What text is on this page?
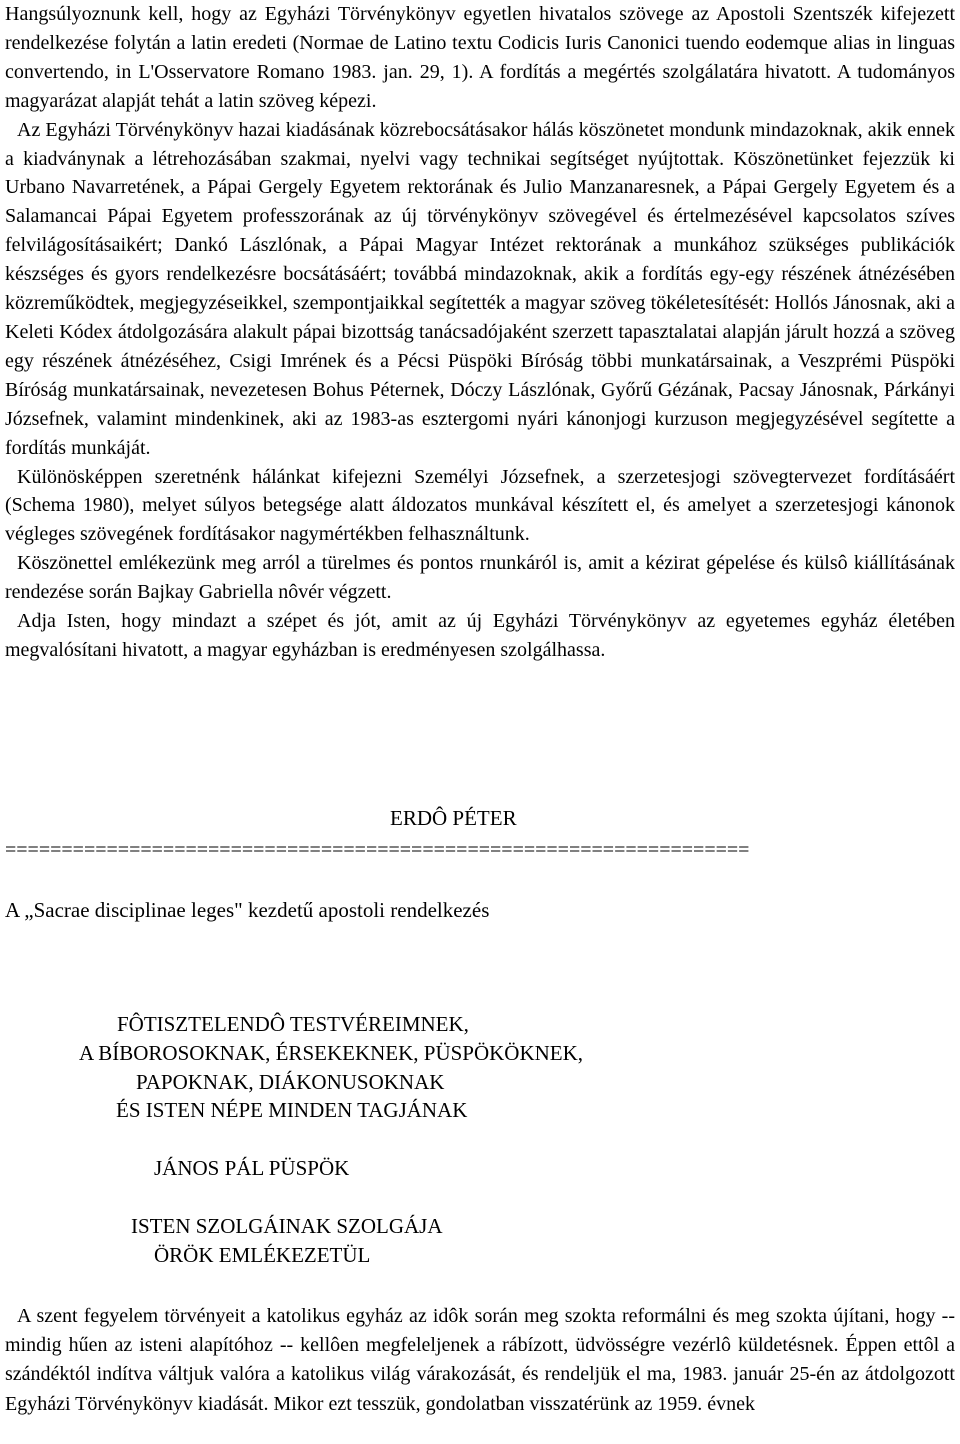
Hangsúlyoznunk kell, hogy az Egyházi Törvénykönyv egyetlen hivatalos szövege az Apostoli Szentszék kifejezett rendelkezése folytán a latin eredeti (Normae de Latino textu Codicis Iuris Canonici tuendo eodemque alias in linguas convertendo, in L'Osservatore Romano 1983. jan. 29, 1). A fordítás a megértés szolgálatára hivatott. A tudományos magyarázat alapját tehát a latin szöveg képezi.

Az Egyházi Törvénykönyv hazai kiadásának közrebocsátásakor hálás köszönetet mondunk mindazoknak, akik ennek a kiadványnak a létrehozásában szakmai, nyelvi vagy technikai segítséget nyújtottak. Köszönetünket fejezzük ki Urbano Navarretének, a Pápai Gergely Egyetem rektorának és Julio Manzanaresnek, a Pápai Gergely Egyetem és a Salamancai Pápai Egyetem professzorának az új törvénykönyv szövegével és értelmezésével kapcsolatos szíves felvilágosításaikért; Dankó Lászlónak, a Pápai Magyar Intézet rektorának a munkához szükséges publikációk készséges és gyors rendelkezésre bocsátásáért; továbbá mindazoknak, akik a fordítás egy-egy részének átnézésében közreműködtek, megjegyzéseikkel, szempontjaikkal segítették a magyar szöveg tökéletesítését: Hollós Jánosnak, aki a Keleti Kódex átdolgozására alakult pápai bizottság tanácsadójaként szerzett tapasztalatai alapján járult hozzá a szöveg egy részének átnézéséhez, Csigi Imrének és a Pécsi Püspöki Bíróság többi munkatársainak, a Veszprémi Püspöki Bíróság munkatársainak, nevezetesen Bohus Péternek, Dóczy Lászlónak, Győrű Gézának, Pacsay Jánosnak, Párkányi Józsefnek, valamint mindenkinek, aki az 1983-as esztergomi nyári kánonjogi kurzuson megjegyzésével segítette a fordítás munkáját.

Különösképpen szeretnénk hálánkat kifejezni Személyi Józsefnek, a szerzetesjogi szövegtervezet fordításáért (Schema 1980), melyet súlyos betegsége alatt áldozatos munkával készített el, és amelyet a szerzetesjogi kánonok végleges szövegének fordításakor nagymértékben felhasználtunk.

Köszönettel emlékezünk meg arról a türelmes és pontos rnunkáról is, amit a kézirat gépelése és külsô kiállításának rendezése során Bajkay Gabriella nôvér végzett.

Adja Isten, hogy mindazt a szépet és jót, amit az új Egyházi Törvénykönyv az egyetemes egyház életében megvalósítani hivatott, a magyar egyházban is eredményesen szolgálhassa.

ERDÔ PÉTER

==================================================================

A „Sacrae disciplinae leges" kezdetű apostoli rendelkezés

FÔTISZTELENDÔ TESTVÉREIMNEK,

A BÍBOROSOKNAK, ÉRSEKEKNEK, PÜSPÖKÖKNEK,

PAPOKNAK, DIÁKONUSOKNAK

ÉS ISTEN NÉPE MINDEN TAGJÁNAK

JÁNOS PÁL PÜSPÖK

ISTEN SZOLGÁINAK SZOLGÁJA

ÖRÖK EMLÉKEZETÜL

A szent fegyelem törvényeit a katolikus egyház az idôk során meg szokta reformálni és meg szokta újítani, hogy -- mindig hűen az isteni alapítóhoz -- kellôen megfeleljenek a rábízott, üdvösségre vezérlô küldetésnek. Éppen ettôl a szándéktól indítva váltjuk valóra a katolikus világ várakozását, és rendeljük el ma, 1983. január 25-én az átdolgozott Egyházi Törvénykönyv kiadását. Mikor ezt tesszük, gondolatban visszatérünk az 1959. évnek
